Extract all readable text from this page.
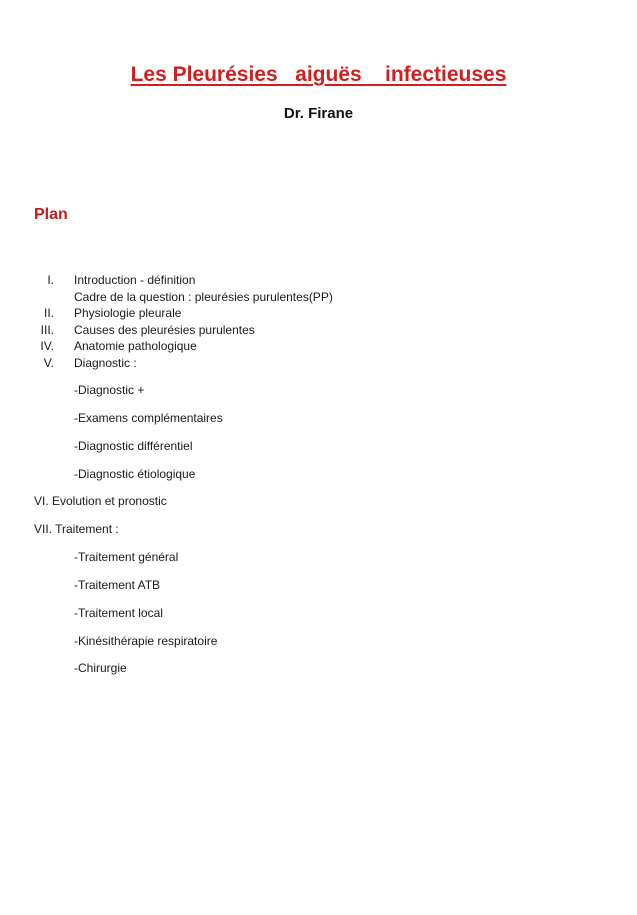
Les Pleurésies   aiguës    infectieuses
Dr. Firane
Plan
I. Introduction - définition
Cadre de la question : pleurésies purulentes(PP)
II. Physiologie pleurale
III. Causes des pleurésies purulentes
IV. Anatomie pathologique
V. Diagnostic :
-Diagnostic +
-Examens complémentaires
-Diagnostic différentiel
-Diagnostic étiologique
VI. Evolution et pronostic
VII. Traitement :
-Traitement général
-Traitement ATB
-Traitement local
-Kinésithérapie respiratoire
-Chirurgie
